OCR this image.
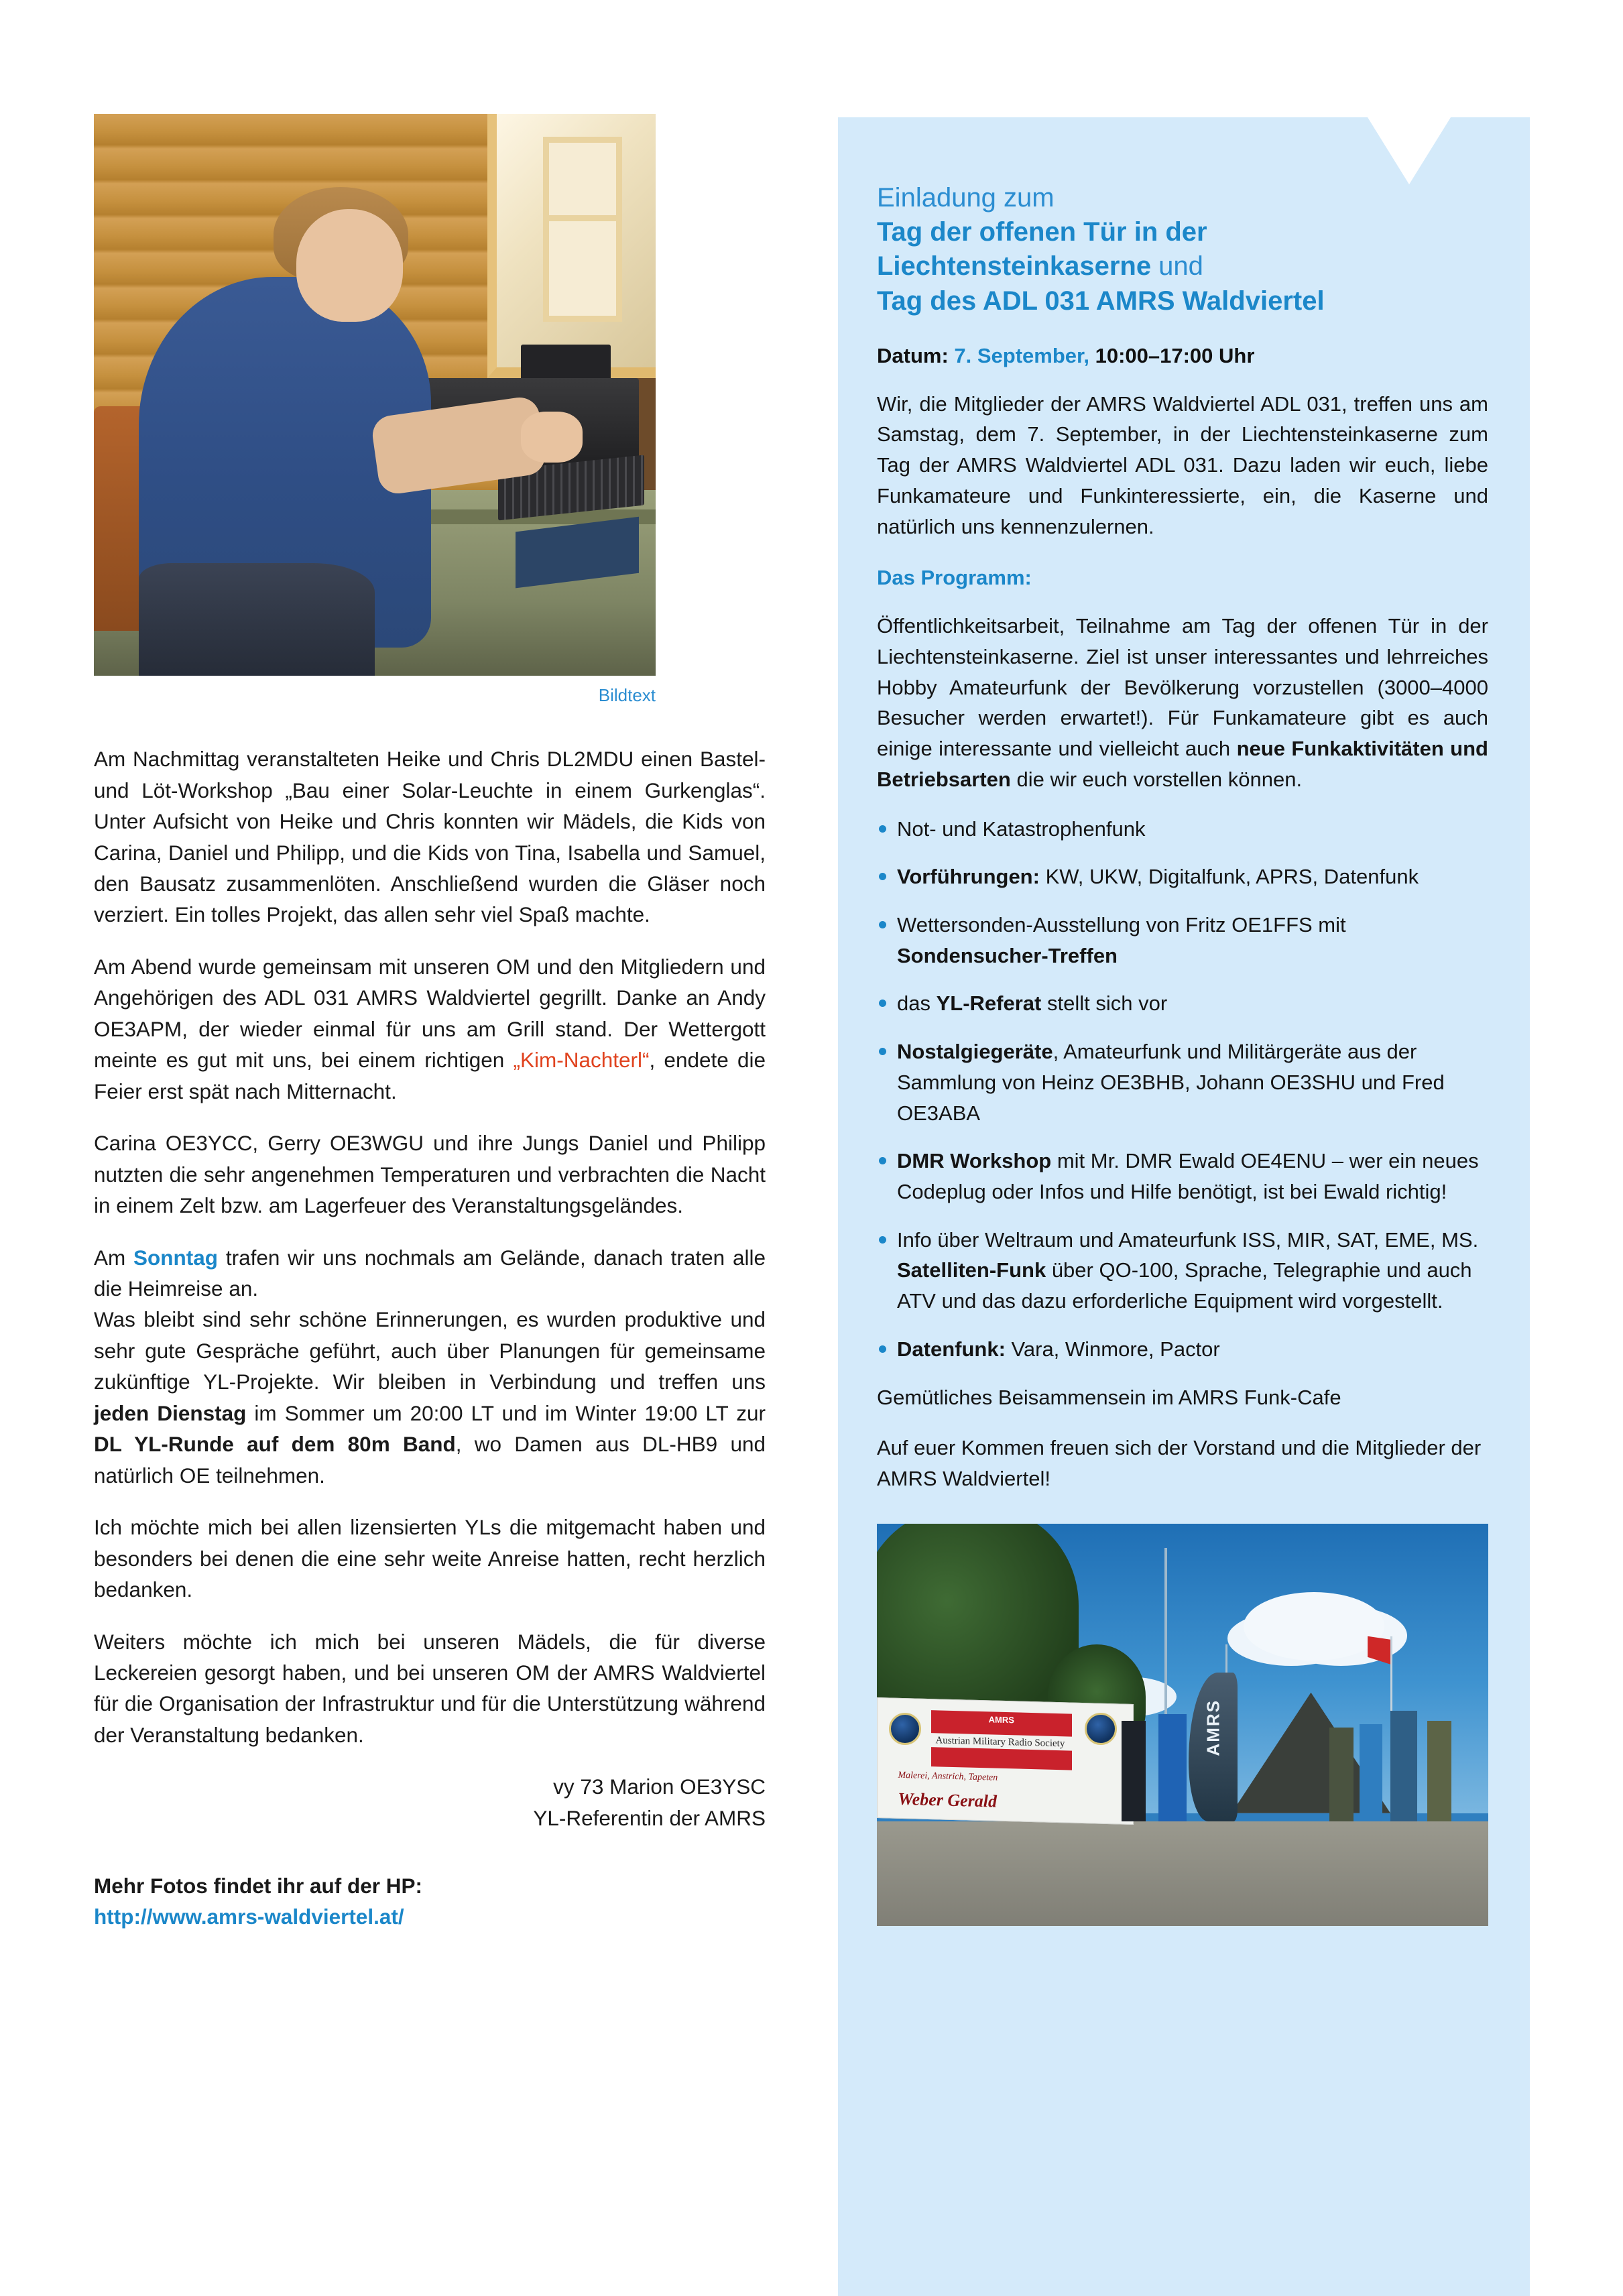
Bildtext

Am Nachmittag veranstalteten Heike und Chris DL2MDU einen Bastel- und Löt-Workshop „Bau einer Solar-Leuchte in einem Gurkenglas“. Unter Aufsicht von Heike und Chris konnten wir Mädels, die Kids von Carina, Daniel und Philipp, und die Kids von Tina, Isabella und Samuel, den Bausatz zusammenlöten. Anschließend wurden die Gläser noch verziert. Ein tolles Projekt, das allen sehr viel Spaß machte.

Am Abend wurde gemeinsam mit unseren OM und den Mitgliedern und Angehörigen des ADL 031 AMRS Waldviertel gegrillt. Danke an Andy OE3APM, der wieder einmal für uns am Grill stand. Der Wettergott meinte es gut mit uns, bei einem richtigen „Kim-Nachterl“, endete die Feier erst spät nach Mitternacht.

Carina OE3YCC, Gerry OE3WGU und ihre Jungs Daniel und Philipp nutzten die sehr angenehmen Temperaturen und verbrachten die Nacht in einem Zelt bzw. am Lagerfeuer des Veranstaltungsgeländes.

Am Sonntag trafen wir uns nochmals am Gelände, danach traten alle die Heimreise an.

Was bleibt sind sehr schöne Erinnerungen, es wurden produktive und sehr gute Gespräche geführt, auch über Planungen für gemeinsame zukünftige YL-Projekte. Wir bleiben in Verbindung und treffen uns jeden Dienstag im Sommer um 20:00 LT und im Winter 19:00 LT zur DL YL-Runde auf dem 80m Band, wo Damen aus DL-HB9 und natürlich OE teilnehmen.

Ich möchte mich bei allen lizensierten YLs die mitgemacht haben und besonders bei denen die eine sehr weite Anreise hatten, recht herzlich bedanken.

Weiters möchte ich mich bei unseren Mädels, die für diverse Leckereien gesorgt haben, und bei unseren OM der AMRS Waldviertel für die Organisation der Infrastruktur und für die Unterstützung während der Veranstaltung bedanken.

vy 73 Marion OE3YSC
YL-Referentin der AMRS
Mehr Fotos findet ihr auf der HP:
http://www.amrs-waldviertel.at/
Einladung zum
Tag der offenen Tür in der
Liechtensteinkaserne und
Tag des ADL 031 AMRS Waldviertel
Datum: 7. September, 10:00–17:00 Uhr

Wir, die Mitglieder der AMRS Waldviertel ADL 031, treffen uns am Samstag, dem 7. September, in der Liechtensteinkaserne zum Tag der AMRS Waldviertel ADL 031. Dazu laden wir euch, liebe Funkamateure und Funkinteressierte, ein, die Kaserne und natürlich uns kennenzulernen.

Das Programm:

Öffentlichkeitsarbeit, Teilnahme am Tag der offenen Tür in der Liechtensteinkaserne. Ziel ist unser interessantes und lehrreiches Hobby Amateurfunk der Bevölkerung vorzustellen (3000–4000 Besucher werden erwartet!). Für Funkamateure gibt es auch einige interessante und vielleicht auch neue Funkaktivitäten und Betriebsarten die wir euch vorstellen können.

Not- und Katastrophenfunk
Vorführungen: KW, UKW, Digitalfunk, APRS, Datenfunk
Wettersonden-Ausstellung von Fritz OE1FFS mit Sondensucher-Treffen
das YL-Referat stellt sich vor
Nostalgiegeräte, Amateurfunk und Militärgeräte aus der Sammlung von Heinz OE3BHB, Johann OE3SHU und Fred OE3ABA
DMR Workshop mit Mr. DMR Ewald OE4ENU – wer ein neues Codeplug oder Infos und Hilfe benötigt, ist bei Ewald richtig!
Info über Weltraum und Amateurfunk ISS, MIR, SAT, EME, MS. Satelliten-Funk über QO-100, Sprache, Telegraphie und auch ATV und das dazu erforderliche Equipment wird vorgestellt.
Datenfunk: Vara, Winmore, Pactor

Gemütliches Beisammensein im AMRS Funk-Cafe

Auf euer Kommen freuen sich der Vorstand und die Mitglieder der AMRS Waldviertel!

AMRS
AMRS
Austrian Military Radio Society
Malerei, Anstrich, Tapeten
Weber Gerald
